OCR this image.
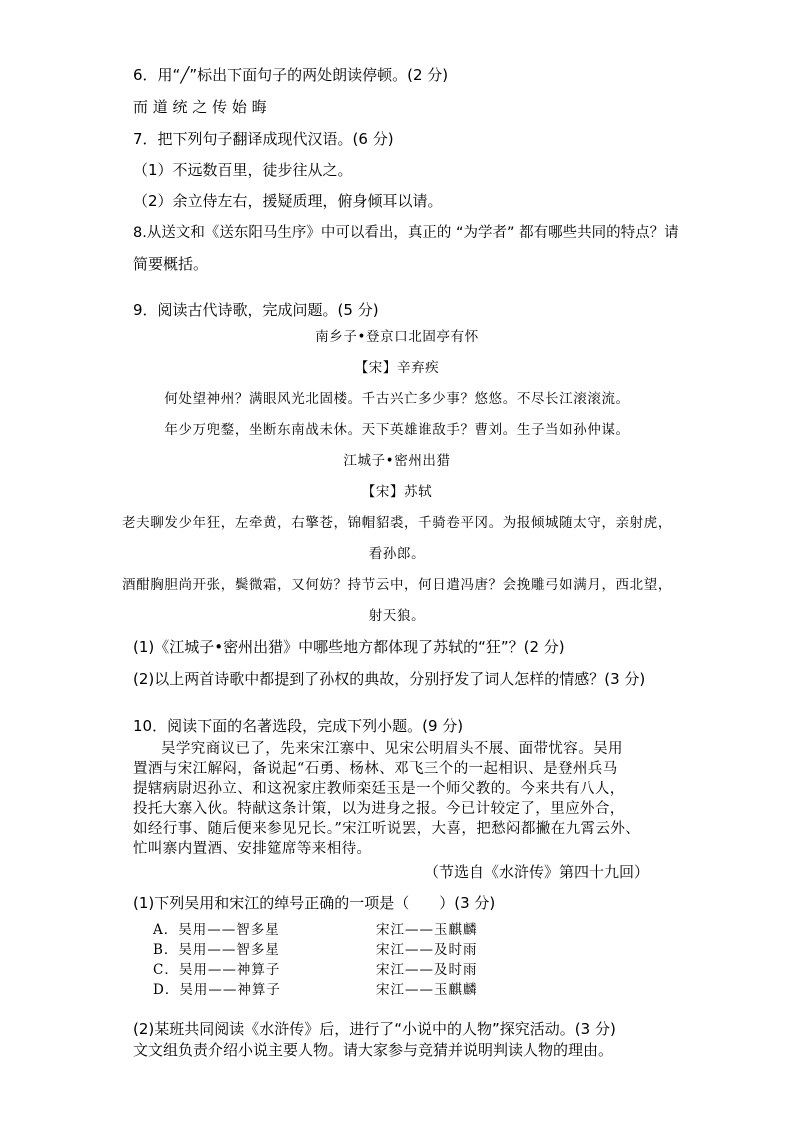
6．用“╱”标出下面句子的两处朗读停顿。(2 分)
而 道 统 之 传 始 晦
7．把下列句子翻译成现代汉语。(6 分)
（1）不远数百里，徒步往从之。
（2）余立侍左右，援疑质理，俯身倾耳以请。
8.从送文和《送东阳马生序》中可以看出，真正的 “为学者” 都有哪些共同的特点？请
简要概括。
9．阅读古代诗歌，完成问题。(5 分)
南乡子•登京口北固亭有怀
【宋】辛弃疾
何处望神州？满眼风光北固楼。千古兴亡多少事？悠悠。不尽长江滚滚流。
年少万兜鍪，坐断东南战未休。天下英雄谁敌手？曹刘。生子当如孙仲谋。
江城子•密州出猎
【宋】苏轼
老夫聊发少年狂，左牵黄，右擎苍，锦帽貂裘，千骑卷平冈。为报倾城随太守，亲射虎，
看孙郎。
酒酣胸胆尚开张，鬓微霜，又何妨？持节云中，何日遣冯唐？会挽雕弓如满月，西北望，
射天狼。
(1)《江城子•密州出猎》中哪些地方都体现了苏轼的“狂”？(2 分)
(2)以上两首诗歌中都提到了孙权的典故，分别抒发了词人怎样的情感？(3 分)
10．阅读下面的名著选段，完成下列小题。(9 分)
吴学究商议已了，先来宋江寨中、见宋公明眉头不展、面带忧容。吴用
置酒与宋江解闷，备说起“石勇、杨林、邓飞三个的一起相识、是登州兵马
提辖病尉迟孙立、和这祝家庄教师栾廷玉是一个师父教的。今来共有八人，
投托大寨入伙。特献这条计策，以为进身之报。今已计较定了，里应外合，
如经行事、随后便来参见兄长。”宋江听说罢，大喜，把愁闷都撇在九霄云外、
忙叫寨内置酒、安排筵席等来相待。
（节选自《水浒传》第四十九回）
(1)下列吴用和宋江的绰号正确的一项是（　　）(3 分)
A．吴用——智多星	宋江——玉麒麟
B．吴用——智多星	宋江——及时雨
C．吴用——神算子	宋江——及时雨
D．吴用——神算子	宋江——玉麒麟
(2)某班共同阅读《水浒传》后，进行了“小说中的人物”探究活动。(3 分)
文文组负责介绍小说主要人物。请大家参与竞猜并说明判读人物的理由。
